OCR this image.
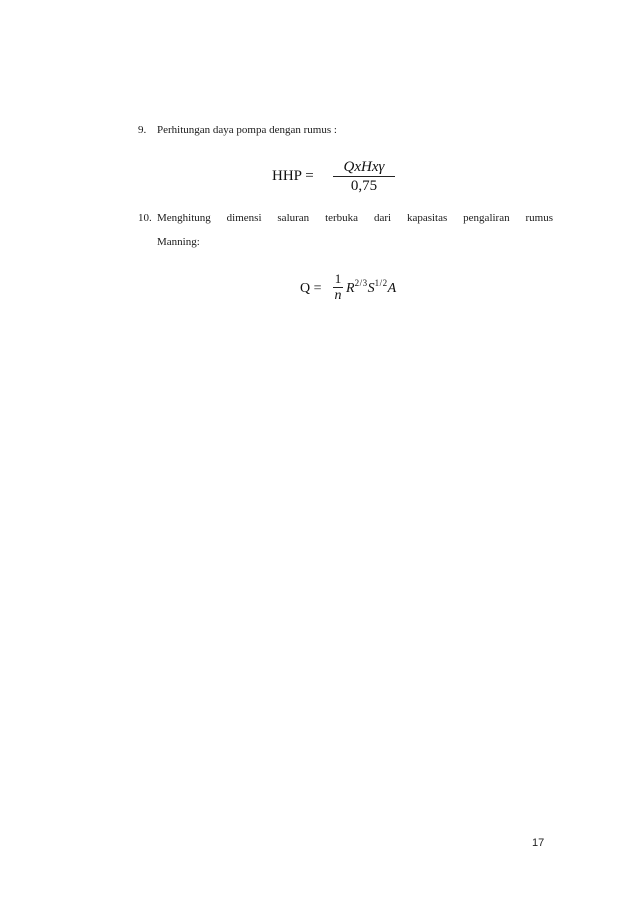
9. Perhitungan daya pompa dengan rumus :
HHP =
QxHxγ
0,75
10. Menghitung dimensi saluran terbuka dari kapasitas pengaliran rumus
Manning:
Q =
1
n $R^{2/3}S^{1/2}A$
17
